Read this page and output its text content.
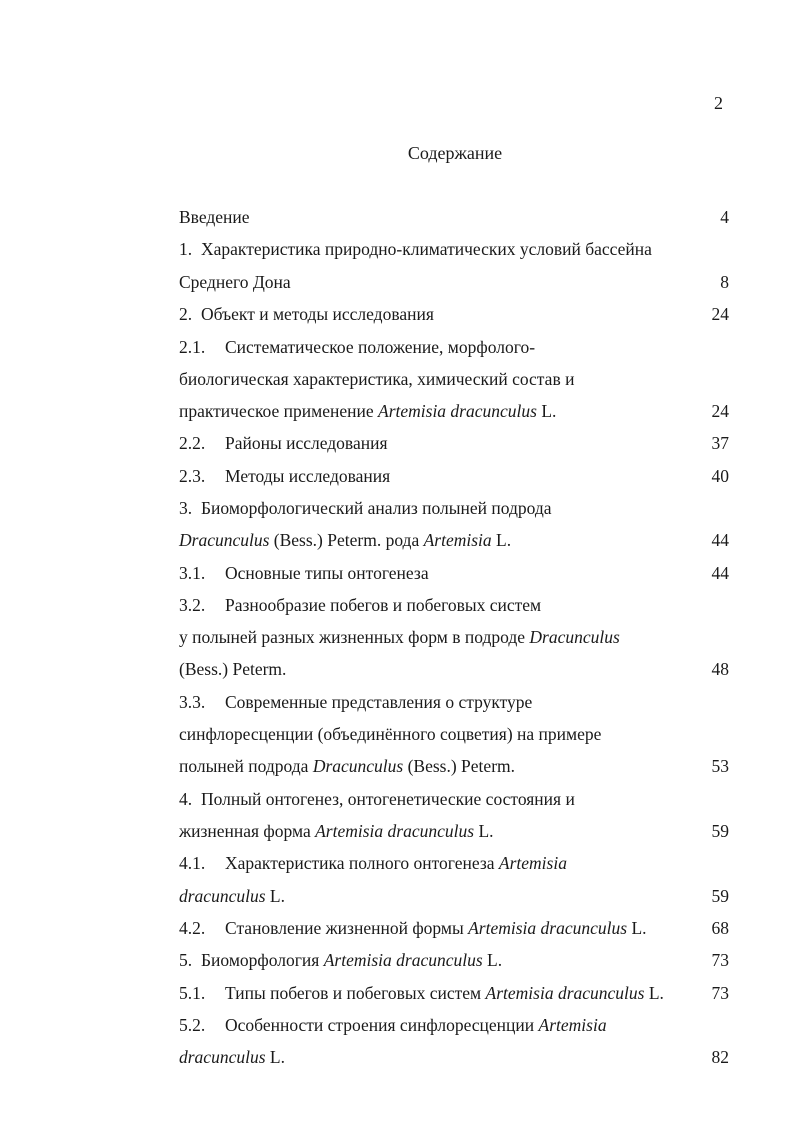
2
Содержание
Введение	4
1. Характеристика природно-климатических условий бассейна
Среднего Дона	8
2. Объект и методы исследования	24
2.1. Систематическое положение, морфолого-
биологическая характеристика, химический состав и
практическое применение Artemisia dracunculus L.	24
2.2. Районы исследования	37
2.3. Методы исследования	40
3. Биоморфологический анализ полыней подрода
Dracunculus (Bess.) Peterm. рода Artemisia L.	44
3.1. Основные типы онтогенеза	44
3.2. Разнообразие побегов и побеговых систем
у полыней разных жизненных форм в подроде Dracunculus
(Bess.) Peterm.	48
3.3. Современные представления о структуре
синфлоресценции (объединённого соцветия) на примере
полыней подрода Dracunculus (Bess.) Peterm.	53
4. Полный онтогенез, онтогенетические состояния и
жизненная форма Artemisia dracunculus L.	59
4.1. Характеристика полного онтогенеза Artemisia
dracunculus L.	59
4.2. Становление жизненной формы Artemisia dracunculus L.	68
5. Биоморфология Artemisia dracunculus L.	73
5.1. Типы побегов и побеговых систем Artemisia dracunculus L.	73
5.2. Особенности строения синфлоресценции Artemisia
dracunculus L.	82
